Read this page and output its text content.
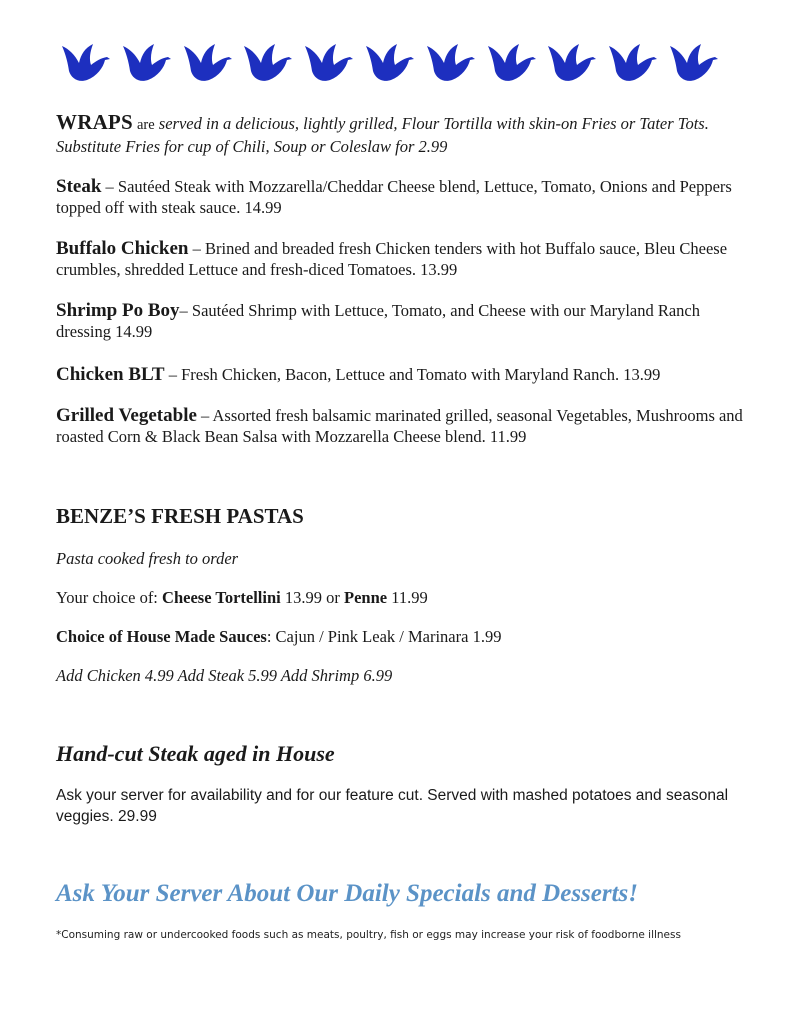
WRAPS are served in a delicious, lightly grilled, Flour Tortilla with skin-on Fries or Tater Tots.       Substitute Fries for cup of Chili, Soup or Coleslaw for 2.99

Steak – Sautéed Steak with Mozzarella/Cheddar Cheese blend, Lettuce, Tomato, Onions and Peppers topped off with steak sauce. 14.99

Buffalo Chicken – Brined and breaded fresh Chicken tenders with hot Buffalo sauce, Bleu Cheese crumbles, shredded Lettuce and fresh-diced Tomatoes. 13.99

Shrimp Po Boy– Sautéed Shrimp with Lettuce, Tomato, and Cheese with our Maryland Ranch dressing 14.99

Chicken BLT – Fresh Chicken, Bacon, Lettuce and Tomato with Maryland Ranch. 13.99

Grilled Vegetable – Assorted fresh balsamic marinated grilled, seasonal Vegetables, Mushrooms and roasted Corn & Black Bean Salsa with Mozzarella Cheese blend. 11.99

BENZE’S FRESH PASTAS

Pasta cooked fresh to order

Your choice of: Cheese Tortellini 13.99 or Penne 11.99

Choice of House Made Sauces: Cajun / Pink Leak / Marinara 1.99

Add Chicken 4.99 Add Steak 5.99 Add Shrimp 6.99

Hand-cut Steak aged in House

Ask your server for availability and for our feature cut. Served with mashed potatoes and seasonal veggies. 29.99

Ask Your Server About Our Daily Specials and Desserts!

*Consuming raw or undercooked foods such as meats, poultry, fish or eggs may increase your risk of foodborne illness
